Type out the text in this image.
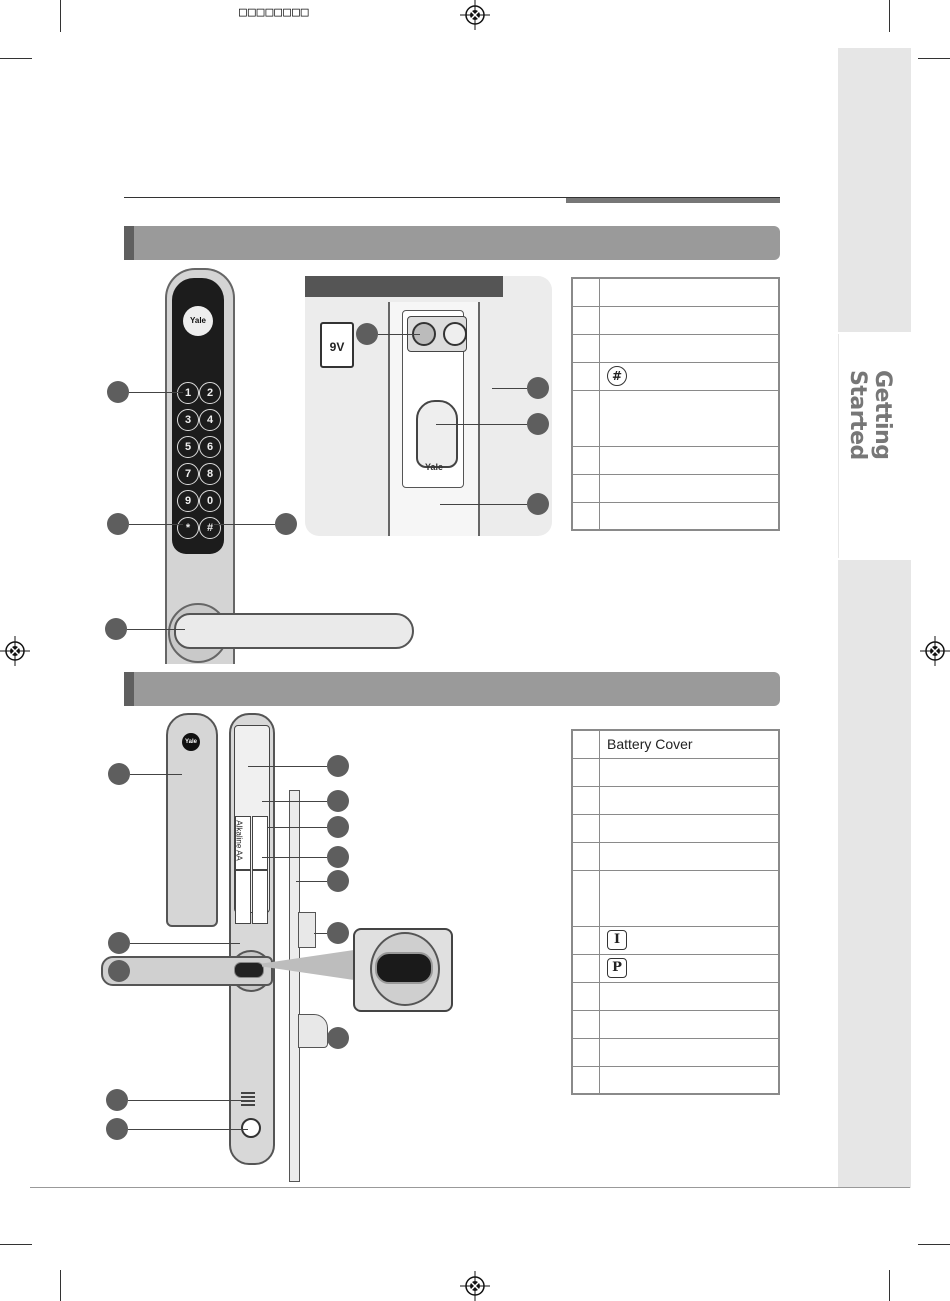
□□□□□□□□
Getting Started
Yale
1	2
3	4
5	6
7	8
9	0
*	#
Yale
9V

	#

Yale
Alkaline AA
	Battery Cover

	I
	P
